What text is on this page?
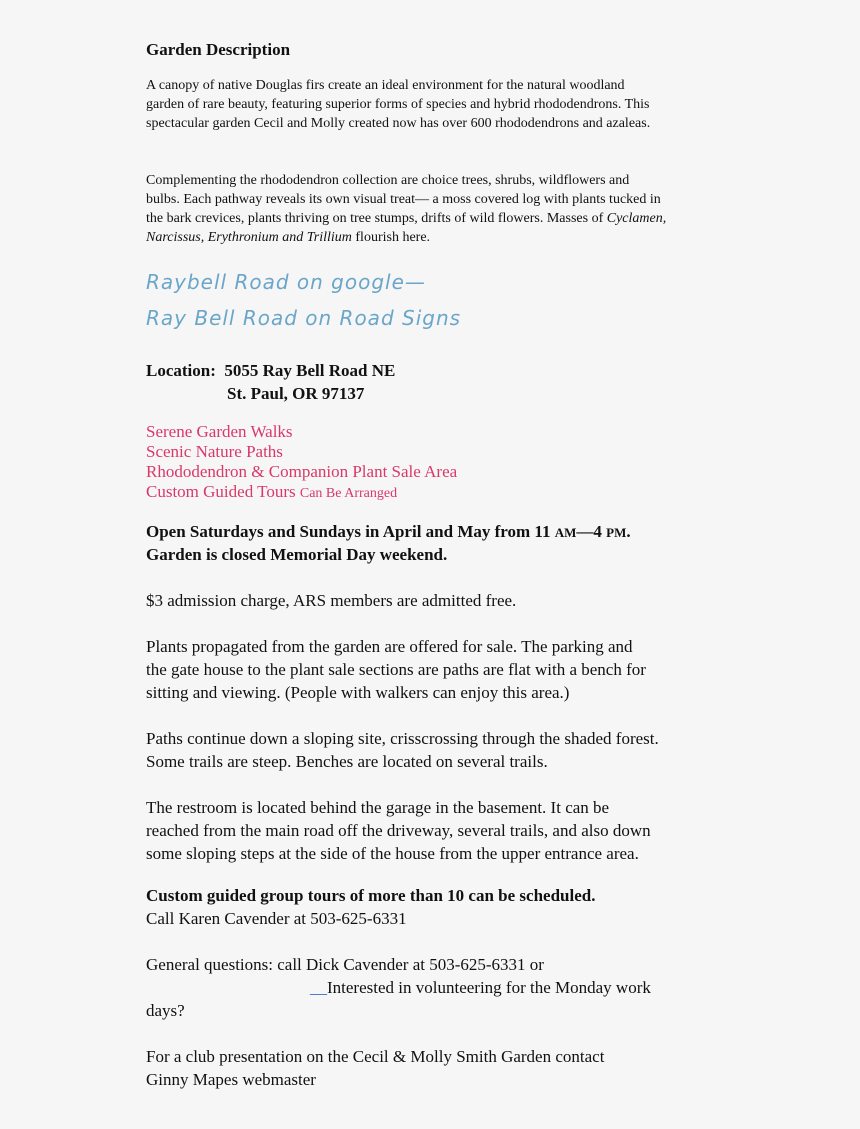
Garden Description
A canopy of native Douglas firs create an ideal environment for the natural woodland
garden of rare beauty, featuring superior forms of species and hybrid rhododendrons. This
spectacular garden Cecil and Molly created now has over 600 rhododendrons and azaleas.
Complementing the rhododendron collection are choice trees, shrubs, wildflowers and
bulbs. Each pathway reveals its own visual treat— a moss covered log with plants tucked in
the bark crevices, plants thriving on tree stumps, drifts of wild flowers. Masses of Cyclamen,
Narcissus, Erythronium and Trillium flourish here.
Raybell Road on google—
Ray Bell Road on Road Signs
Location: 5055 Ray Bell Road NE
St. Paul, OR 97137
Serene Garden Walks
Scenic Nature Paths
Rhododendron & Companion Plant Sale Area
Custom Guided Tours Can Be Arranged
Open Saturdays and Sundays in April and May from 11 AM—4 PM.
Garden is closed Memorial Day weekend.
$3 admission charge, ARS members are admitted free.
Plants propagated from the garden are offered for sale. The parking and
the gate house to the plant sale sections are paths are flat with a bench for
sitting and viewing. (People with walkers can enjoy this area.)
Paths continue down a sloping site, crisscrossing through the shaded forest.
Some trails are steep. Benches are located on several trails.
The restroom is located behind the garage in the basement. It can be
reached from the main road off the driveway, several trails, and also down
some sloping steps at the side of the house from the upper entrance area.
Custom guided group tours of more than 10 can be scheduled.
Call Karen Cavender at 503-625-6331
General questions: call Dick Cavender at 503-625-6331 or
__Interested in volunteering for the Monday work
days?
For a club presentation on the Cecil & Molly Smith Garden contact
Ginny Mapes webmaster
